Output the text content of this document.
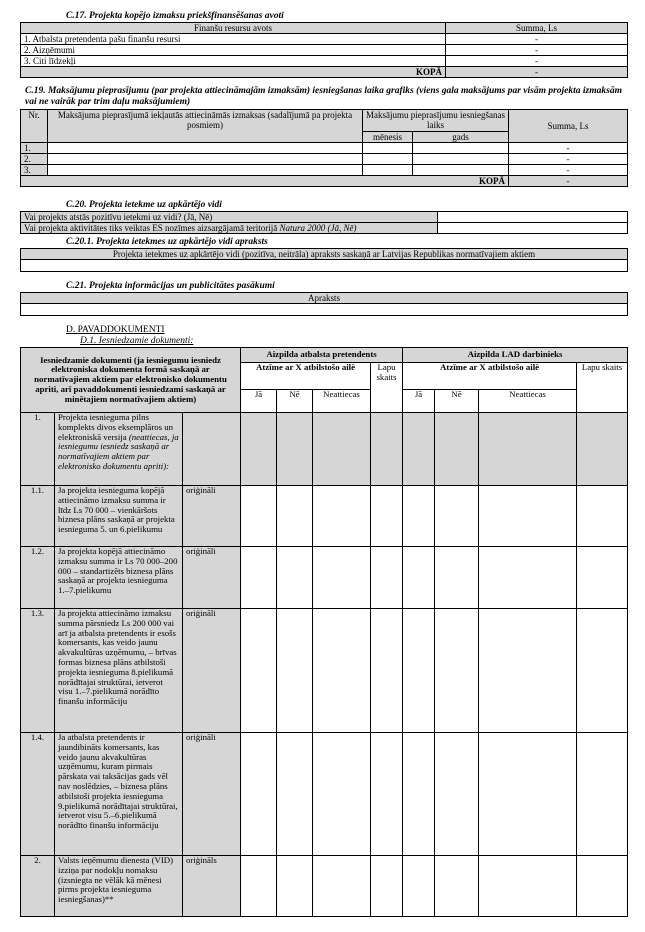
C.17. Projekta kopējo izmaksu priekšfinansēšanas avoti
Finanšu resursu avots	Summa, Ls
1. Atbalsta pretendenta pašu finanšu resursi	-
2. Aizņēmumi	-
3. Citi līdzekļi	-
KOPĀ	-
C.19. Maksājumu pieprasījumu (par projekta attiecināmajām izmaksām) iesniegšanas laika grafiks (viens gala maksājums par visām projekta izmaksām vai ne vairāk par trim daļu maksājumiem)
Nr.	Maksājuma pieprasījumā iekļautās attiecināmās izmaksas (sadalījumā pa projekta posmiem)	Maksājumu pieprasījumu iesniegšanas laiks		Summa, Ls
		mēnesis	gads	
1.				-
2.				-
3.				-
KOPĀ				-
C.20. Projekta ietekme uz apkārtējo vidi
Vai projekts atstās pozitīvu ietekmi uz vidi? (Jā, Nē)	
Vai projekta aktivitātes tiks veiktas ES nozīmes aizsargājamā teritorijā Natura 2000 (Jā, Nē)	
C.20.1. Projekta ietekmes uz apkārtējo vidi apraksts
Projekta ietekmes uz apkārtējo vidi (pozitīva, neitrāla) apraksts saskaņā ar Latvijas Republikas normatīvajiem aktiem

C.21. Projekta informācijas un publicitātes pasākumi
Apraksts

D. PAVADDOKUMENTI
D.1. Iesniedzamie dokumenti:
Iesniedzamie dokumenti (ja iesniegumu iesniedz elektroniska dokumenta formā saskaņā ar normatīvajiem aktiem par elektronisko dokumentu apriti, arī pavaddokumenti iesniedzami saskaņā ar minētajiem normatīvajiem aktiem)			Aizpilda atbalsta pretendents				Aizpilda LAD darbinieks			
			Atzīme ar X atbilstošo ailē			Lapu skaits	Atzīme ar X atbilstošo ailē			Lapu skaits
			Jā	Nē	Neattiecas		Jā	Nē	Neattiecas	
1.	Projekta iesnieguma pilns komplekts divos eksemplāros un elektroniskā versija (neattiecas, ja iesniegumu iesniedz saskaņā ar normatīvajiem aktiem par elektronisko dokumentu apriti):									
1.1.	Ja projekta iesnieguma kopējā attiecināmo izmaksu summa ir līdz Ls 70 000 – vienkāršots biznesa plāns saskaņā ar projekta iesnieguma 5. un 6.pielikumu	oriģināli								
1.2.	Ja projekta kopējā attiecināmo izmaksu summa ir Ls 70 000–200 000 – standartizēts biznesa plāns saskaņā ar projekta iesnieguma 1.–7.pielikumu	oriģināli								
1.3.	Ja projekta attiecināmo izmaksu summa pārsniedz Ls 200 000 vai arī ja atbalsta pretendents ir esošs komersants, kas veido jaunu akvakultūras uzņēmumu, – brīvas formas biznesa plāns atbilstoši projekta iesnieguma 8.pielikumā norādītajai struktūrai, ietverot visu 1.–7.pielikumā norādīto finanšu informāciju	oriģināli								
1.4.	Ja atbalsta pretendents ir jaundibināts komersants, kas veido jaunu akvakultūras uzņēmumu, kuram pirmais pārskata vai taksācijas gads vēl nav noslēdzies, – biznesa plāns atbilstoši projekta iesnieguma 9.pielikumā norādītajai struktūrai, ietverot visu 5.–6.pielikumā norādīto finanšu informāciju	oriģināli								
2.	Valsts ieņēmumu dienesta (VID) izziņa par nodokļu nomaksu (izsniegta ne vēlāk kā mēnesi pirms projekta iesnieguma iesniegšanas)**	oriģināls								
